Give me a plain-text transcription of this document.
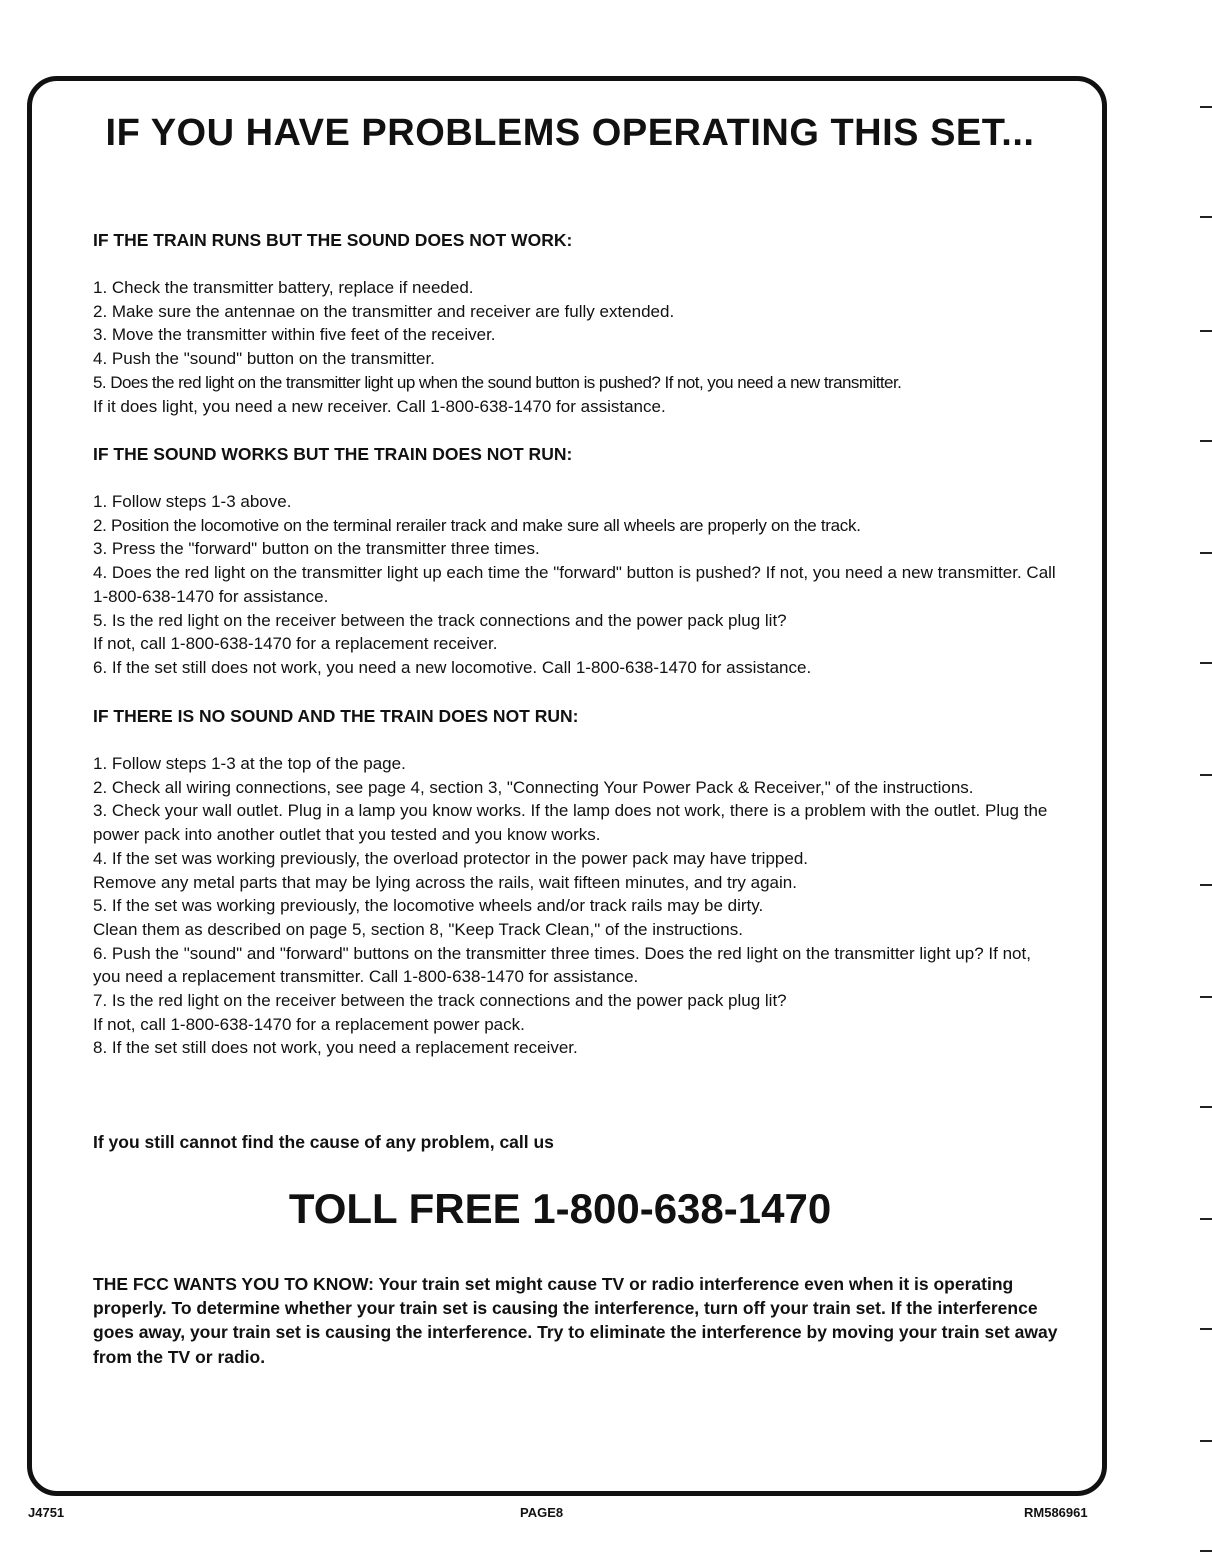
IF YOU HAVE PROBLEMS OPERATING THIS SET...
IF THE TRAIN RUNS BUT THE SOUND DOES NOT WORK:
1. Check the transmitter battery, replace if needed.
2. Make sure the antennae on the transmitter and receiver are fully extended.
3. Move the transmitter within five feet of the receiver.
4. Push the "sound" button on the transmitter.
5. Does the red light on the transmitter light up when the sound button is pushed? If not, you need a new transmitter.
If it does light, you need a new receiver. Call 1-800-638-1470 for assistance.
IF THE SOUND WORKS BUT THE TRAIN DOES NOT RUN:
1. Follow steps 1-3 above.
2. Position the locomotive on the terminal rerailer track and make sure all wheels are properly on the track.
3. Press the "forward" button on the transmitter three times.
4. Does the red light on the transmitter light up each time the "forward" button is pushed? If not, you need a new transmitter. Call 1-800-638-1470 for assistance.
5. Is the red light on the receiver between the track connections and the power pack plug lit?
If not, call 1-800-638-1470 for a replacement receiver.
6. If the set still does not work, you need a new locomotive. Call 1-800-638-1470 for assistance.
IF THERE IS NO SOUND AND THE TRAIN DOES NOT RUN:
1. Follow steps 1-3 at the top of the page.
2. Check all wiring connections, see page 4, section 3, "Connecting Your Power Pack & Receiver," of the instructions.
3. Check your wall outlet. Plug in a lamp you know works. If the lamp does not work, there is a problem with the outlet. Plug the power pack into another outlet that you tested and you know works.
4. If the set was working previously, the overload protector in the power pack may have tripped.
Remove any metal parts that may be lying across the rails, wait fifteen minutes, and try again.
5. If the set was working previously, the locomotive wheels and/or track rails may be dirty.
Clean them as described on page 5, section 8, "Keep Track Clean," of the instructions.
6. Push the "sound" and "forward" buttons on the transmitter three times. Does the red light on the transmitter light up? If not, you need a replacement transmitter. Call 1-800-638-1470 for assistance.
7. Is the red light on the receiver between the track connections and the power pack plug lit?
If not, call 1-800-638-1470 for a replacement power pack.
8. If the set still does not work, you need a replacement receiver.

If you still cannot find the cause of any problem, call us

TOLL FREE 1-800-638-1470

THE FCC WANTS YOU TO KNOW: Your train set might cause TV or radio interference even when it is operating properly. To determine whether your train set is causing the interference, turn off your train set. If the interference goes away, your train set is causing the interference. Try to eliminate the interference by moving your train set away from the TV or radio.

J4751	PAGE8	RM586961
